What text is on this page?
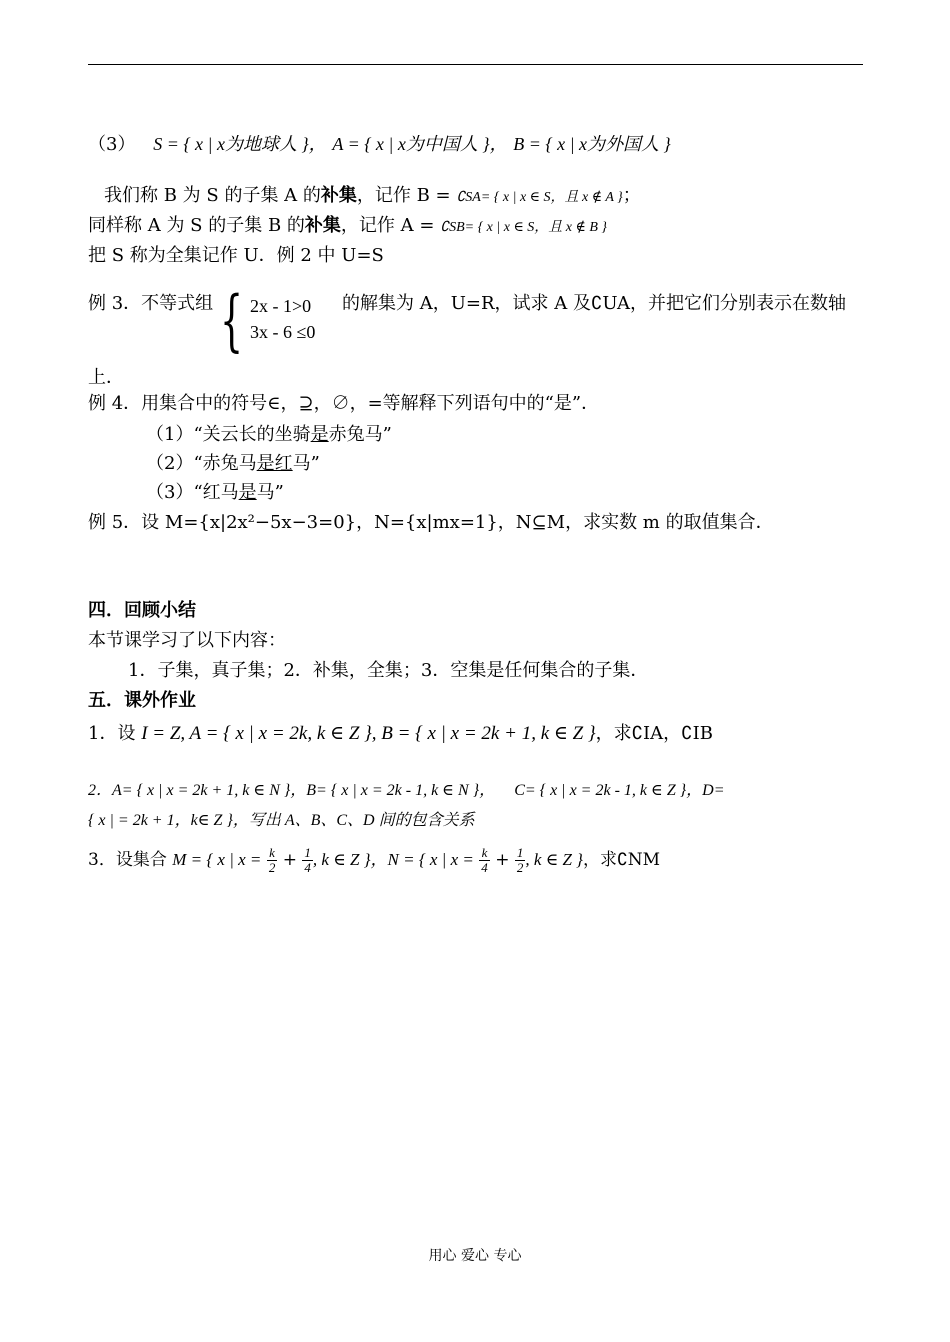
（3） S = { x | x为地球人 }， A = { x | x为中国人 }， B = { x | x为外国人 }
我们称 B 为 S 的子集 A 的补集，记作 B = ∁SA= { x | x ∈ S，且 x ∉ A }；
同样称 A 为 S 的子集 B 的补集，记作 A = ∁SB= { x | x ∈ S，且 x ∉ B }
把 S 称为全集记作 U．例 2 中 U=S
例 3．不等式组 { 2x - 1>0
3x - 6 ≤0
的解集为 A，U=R，试求 A 及∁UA，并把它们分别表示在数轴
上．
例 4．用集合中的符号∈，⊇，∅，=等解释下列语句中的“是”．
（1）“关云长的坐骑是赤兔马”
（2）“赤兔马是红马”
（3）“红马是马”
例 5．设 M={x|2x²−5x−3=0}，N={x|mx=1}，N⊆M，求实数 m 的取值集合．
四．回顾小结
本节课学习了以下内容：
1．子集，真子集；2．补集，全集；3．空集是任何集合的子集．
五．课外作业
1．设 I = Z, A = { x | x = 2k, k ∈ Z }, B = { x | x = 2k + 1, k ∈ Z }，求∁IA，∁IB
2．A= { x | x = 2k + 1, k ∈ N }，B= { x | x = 2k - 1, k ∈ N }， C= { x | x = 2k - 1, k ∈ Z }，D=
{ x | = 2k + 1，k∈ Z }，写出 A、B、C、D 间的包含关系
3．设集合 M = { x | $x = \frac{k}{2} + \frac{1}{4}$ , k ∈ Z }，N = { x | $x = \frac{k}{4} + \frac{1}{2}$ , k ∈ Z }，求∁NM
用心 爱心 专心
